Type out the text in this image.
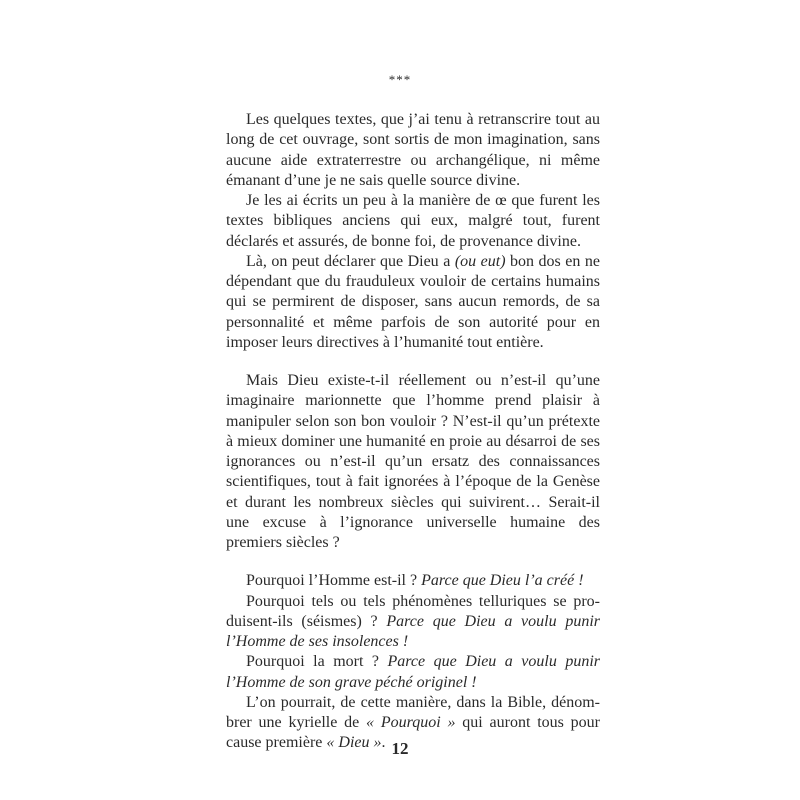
***

Les quelques textes, que j’ai tenu à retranscrire tout au long de cet ouvrage, sont sortis de mon imagination, sans aucune aide extraterrestre ou archangélique, ni même émanant d’une je ne sais quelle source divine.

Je les ai écrits un peu à la manière de œ que furent les textes bibliques anciens qui eux, malgré tout, furent déclarés et assurés, de bonne foi, de provenance divine.

Là, on peut déclarer que Dieu a (ou eut) bon dos en ne dépendant que du frauduleux vouloir de certains humains qui se permirent de disposer, sans aucun remords, de sa personnalité et même parfois de son autorité pour en imposer leurs directives à l’humanité tout entière.

Mais Dieu existe-t-il réellement ou n’est-il qu’une imaginaire marionnette que l’homme prend plaisir à manipuler selon son bon vouloir ? N’est-il qu’un prétexte à mieux dominer une humanité en proie au désarroi de ses ignorances ou n’est-il qu’un ersatz des connaissances scientifiques, tout à fait ignorées à l’époque de la Genèse et durant les nombreux siècles qui suivirent… Serait-il une excuse à l’ignorance universelle humaine des premiers siècles ?

Pourquoi l’Homme est-il ? Parce que Dieu l’a créé !

Pourquoi tels ou tels phénomènes telluriques se produisent-ils (séismes) ? Parce que Dieu a voulu punir l’Homme de ses insolences !

Pourquoi la mort ? Parce que Dieu a voulu punir l’Homme de son grave péché originel !

L’on pourrait, de cette manière, dans la Bible, dénombrer une kyrielle de « Pourquoi » qui auront tous pour cause première « Dieu ». 12
